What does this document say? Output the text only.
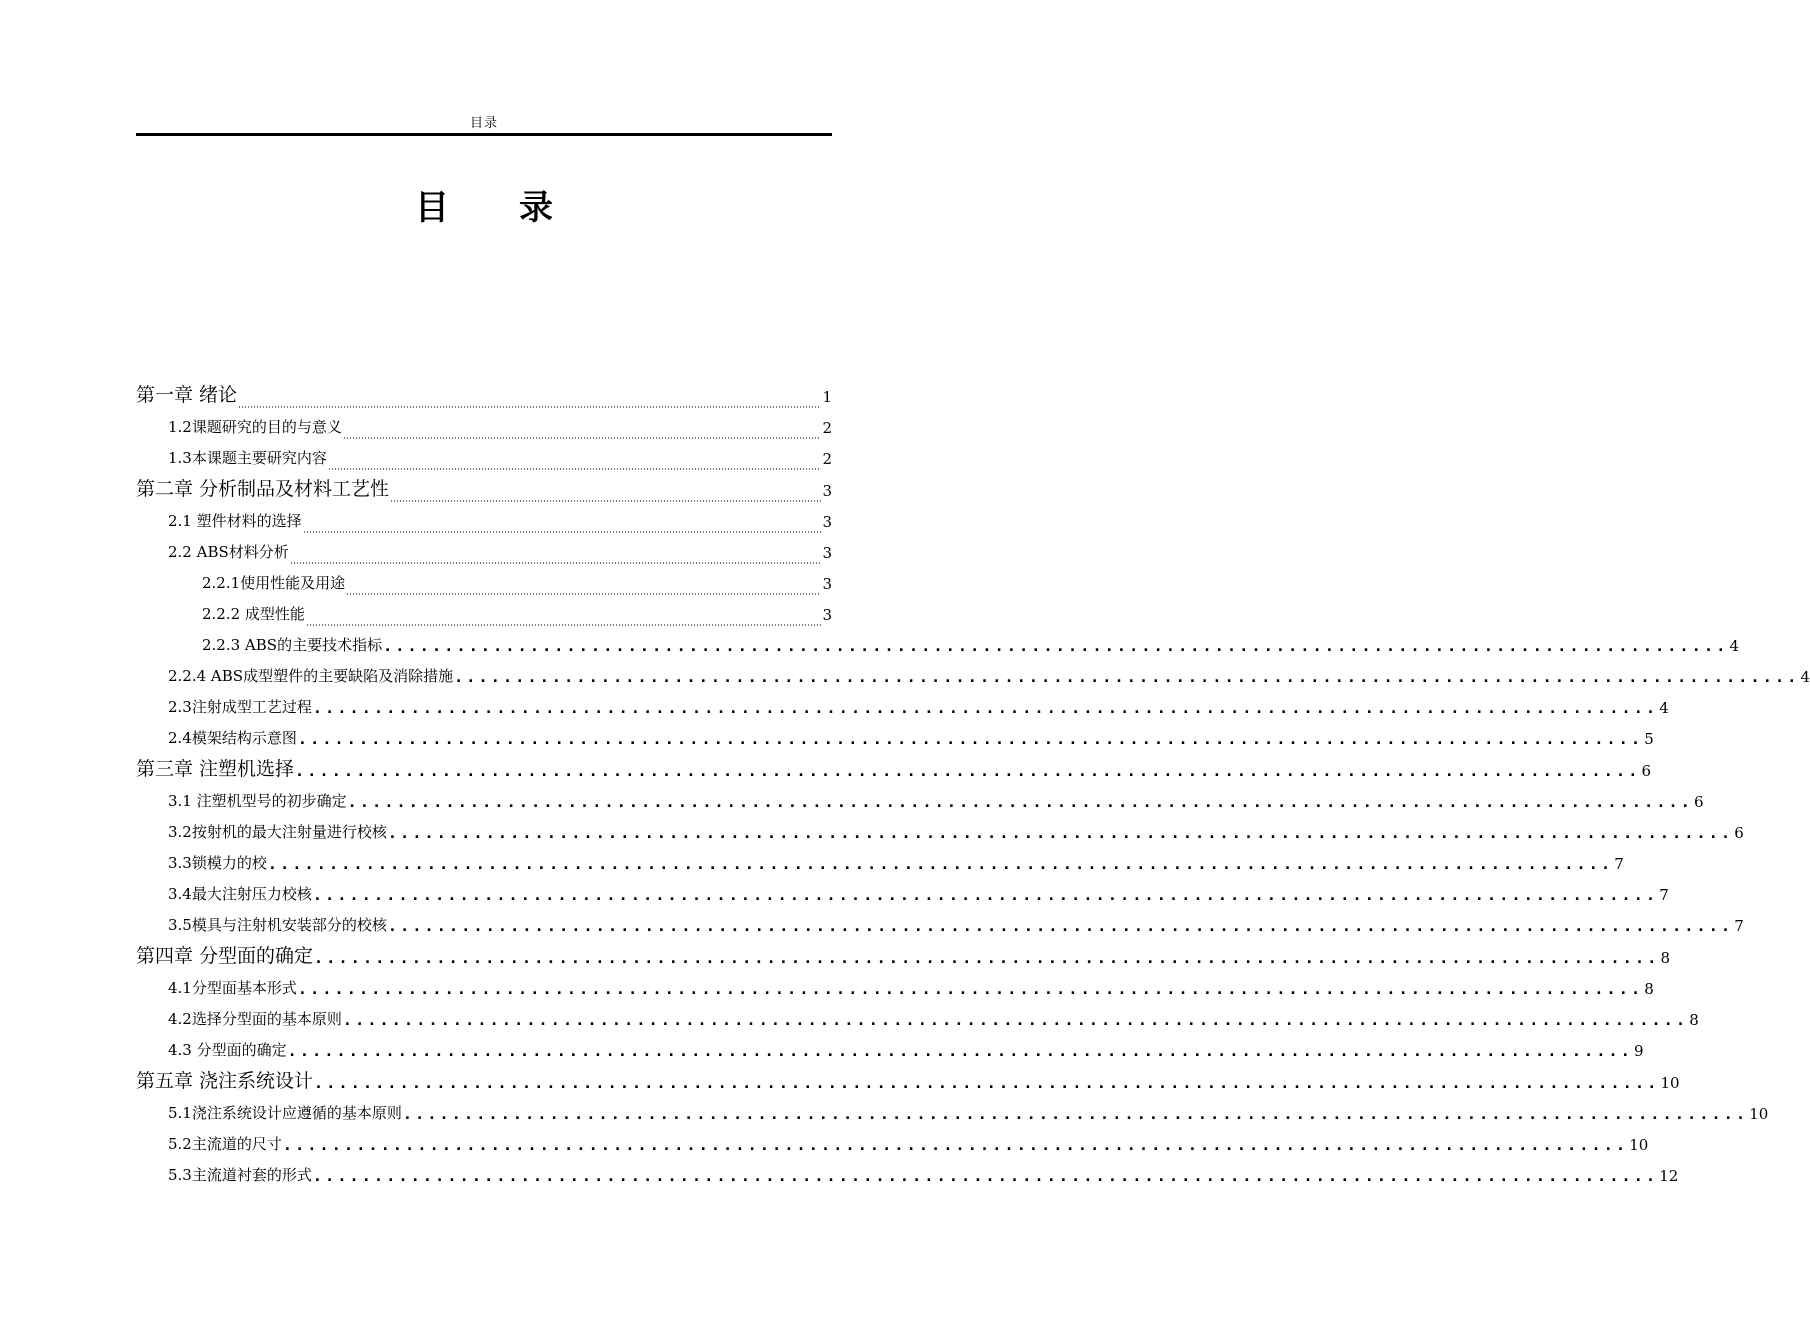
目录
目 录
第一章 绪论	1
1.2课题研究的目的与意义	2
1.3本课题主要研究内容	2
第二章 分析制品及材料工艺性	3
2.1 塑件材料的选择	3
2.2 ABS材料分析	3
2.2.1使用性能及用途	3
2.2.2 成型性能	3
2.2.3 ABS的主要技术指标 .............................................................................................................. 4
2.2.4 ABS成型塑件的主要缺陷及消除措施 .............................................................................................................. 4
2.3注射成型工艺过程 .............................................................................................................. 4
2.4模架结构示意图 .............................................................................................................. 5
第三章 注塑机选择 .............................................................................................................. 6
3.1 注塑机型号的初步确定 .............................................................................................................. 6
3.2按射机的最大注射量进行校核 .............................................................................................................. 6
3.3锁模力的校 .............................................................................................................. 7
3.4最大注射压力校核 .............................................................................................................. 7
3.5模具与注射机安装部分的校核 .............................................................................................................. 7
第四章 分型面的确定 .............................................................................................................. 8
4.1分型面基本形式 .............................................................................................................. 8
4.2选择分型面的基本原则 .............................................................................................................. 8
4.3 分型面的确定 .............................................................................................................. 9
第五章 浇注系统设计 .............................................................................................................. 10
5.1浇注系统设计应遵循的基本原则 .............................................................................................................. 10
5.2主流道的尺寸 .............................................................................................................. 10
5.3主流道衬套的形式 .............................................................................................................. 12
